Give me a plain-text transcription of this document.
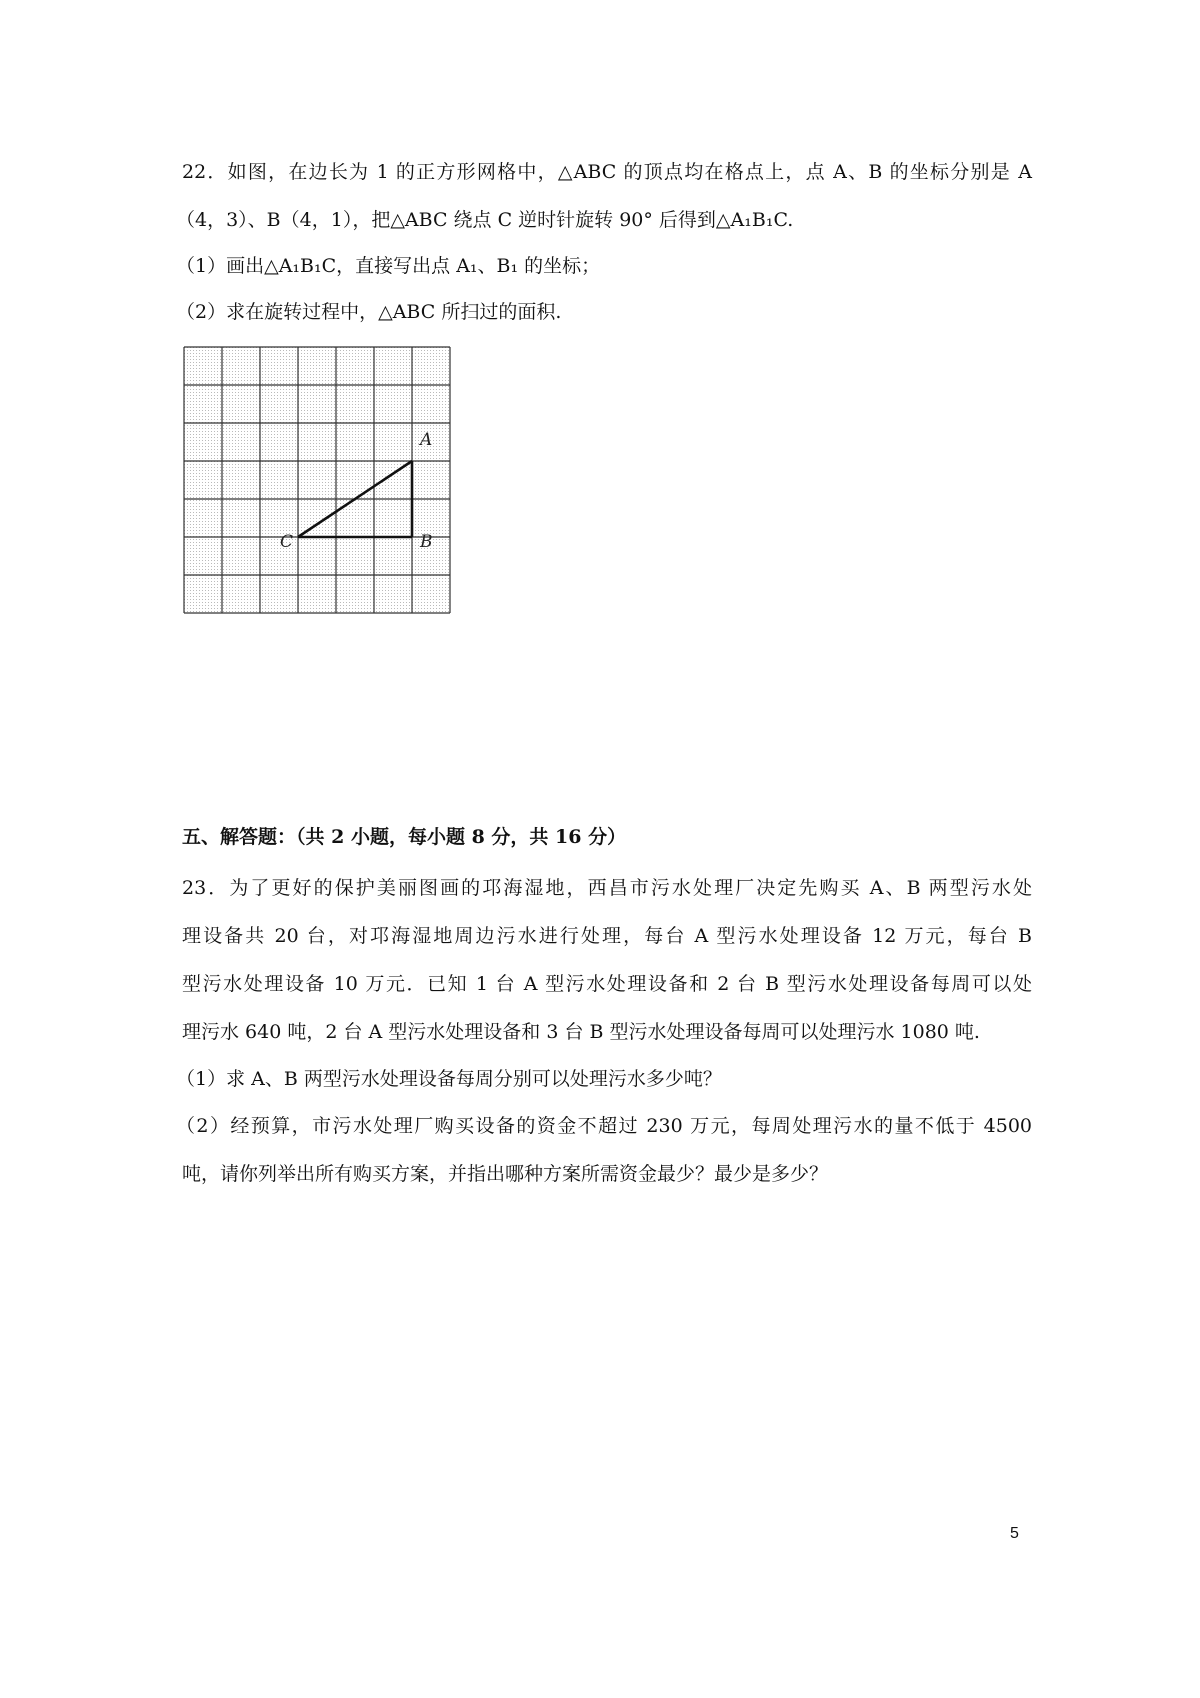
22．如图，在边长为 1 的正方形网格中，△ABC 的顶点均在格点上，点 A、B 的坐标分别是 A

（4，3）、B（4，1），把△ABC 绕点 C 逆时针旋转 90° 后得到△A₁B₁C.

（1）画出△A₁B₁C，直接写出点 A₁、B₁ 的坐标；

（2）求在旋转过程中，△ABC 所扫过的面积.

A
B
C

五、解答题：（共 2 小题，每小题 8 分，共 16 分）

23．为了更好的保护美丽图画的邛海湿地，西昌市污水处理厂决定先购买 A、B 两型污水处

理设备共 20 台，对邛海湿地周边污水进行处理，每台 A 型污水处理设备 12 万元，每台 B

型污水处理设备 10 万元．已知 1 台 A 型污水处理设备和 2 台 B 型污水处理设备每周可以处

理污水 640 吨，2 台 A 型污水处理设备和 3 台 B 型污水处理设备每周可以处理污水 1080 吨.

（1）求 A、B 两型污水处理设备每周分别可以处理污水多少吨？

（2）经预算，市污水处理厂购买设备的资金不超过 230 万元，每周处理污水的量不低于 4500

吨，请你列举出所有购买方案，并指出哪种方案所需资金最少？最少是多少？

5
